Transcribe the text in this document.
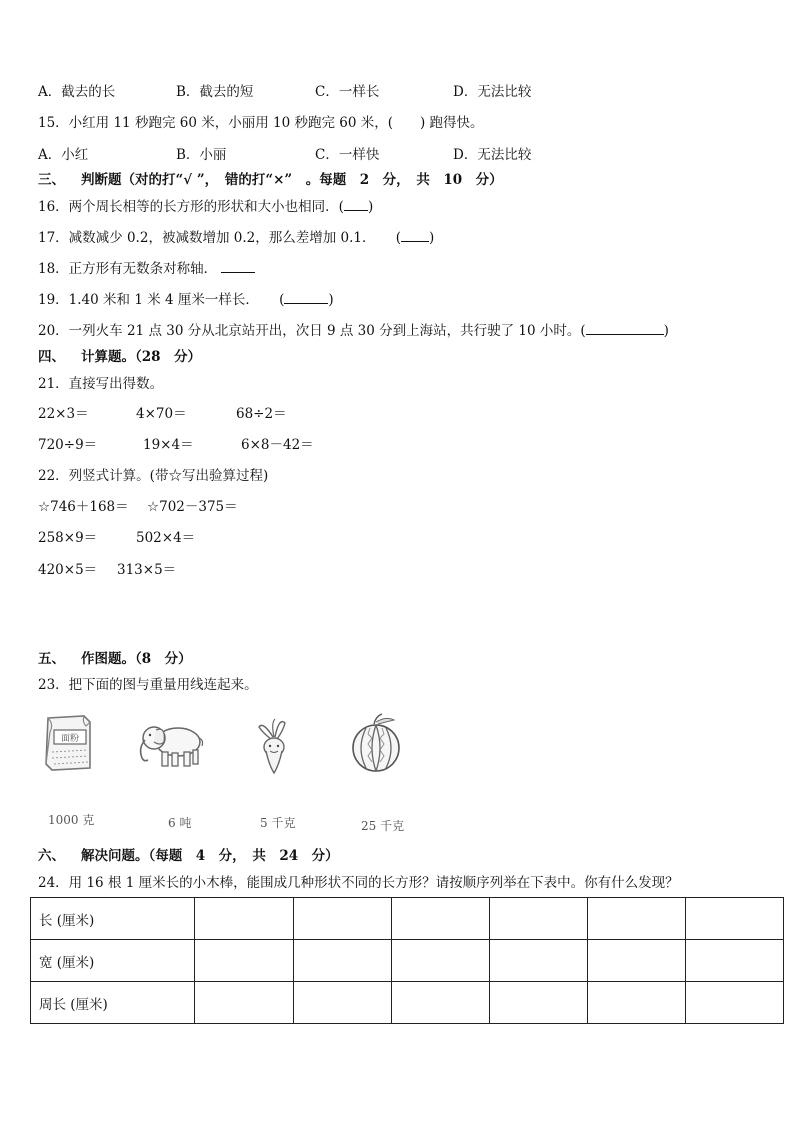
A．截去的长	B．截去的短	C．一样长	D．无法比较
15．小红用 11 秒跑完 60 米，小丽用 10 秒跑完 60 米，(　　) 跑得快。
A．小红	B．小丽	C．一样快	D．无法比较
三、 判断题（对的打“√ ”，　错的打“×”　。每题　2　分，　共　10　分）
16．两个周长相等的长方形的形状和大小也相同．( )
17．减数减少 0.2，被减数增加 0.2，那么差增加 0.1．　　( )
18．正方形有无数条对称轴．
19．1.40 米和 1 米 4 厘米一样长．　　(	)
20．一列火车 21 点 30 分从北京站开出，次日 9 点 30 分到上海站，共行驶了 10 小时。(	)
四、 计算题。（28　分）
21．直接写出得数。
22×3＝	4×70＝	68÷2＝
720÷9＝	19×4＝	6×8－42＝
22．列竖式计算。(带☆写出验算过程)
☆746＋168＝ ☆702－375＝
258×9＝	502×4＝
420×5＝ 313×5＝
五、 作图题。（8　分）
23．把下面的图与重量用线连起来。
面粉
1000 克	6 吨	5 千克	25 千克
六、 解决问题。（每题　4　分，　共　24　分）
24．用 16 根 1 厘米长的小木棒，能围成几种形状不同的长方形？请按顺序列举在下表中。你有什么发现？
长 (厘米)						
宽 (厘米)						
周长 (厘米)						
